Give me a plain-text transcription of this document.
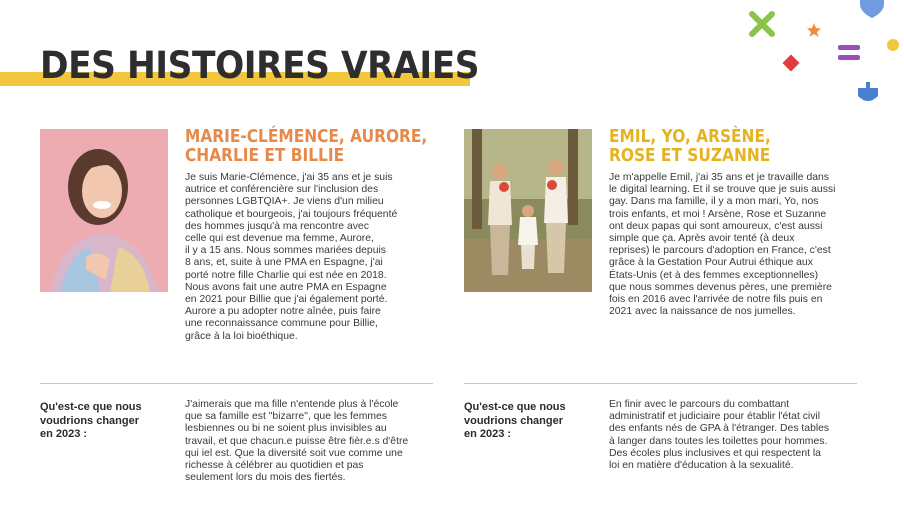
DES HISTOIRES VRAIES
MARIE-CLÉMENCE, AURORE,
CHARLIE ET BILLIE
Je suis Marie-Clémence, j'ai 35 ans et je suis
autrice et conférencière sur l'inclusion des
personnes LGBTQIA+. Je viens d'un milieu
catholique et bourgeois, j'ai toujours fréquenté
des hommes jusqu'à ma rencontre avec
celle qui est devenue ma femme, Aurore,
il y a 15 ans. Nous sommes mariées depuis
8 ans, et, suite à une PMA en Espagne, j'ai
porté notre fille Charlie qui est née en 2018.
Nous avons fait une autre PMA en Espagne
en 2021 pour Billie que j'ai également porté.
Aurore a pu adopter notre aînée, puis faire
une reconnaissance commune pour Billie,
grâce à la loi bioéthique.
EMIL, YO, ARSÈNE,
ROSE ET SUZANNE
Je m'appelle Emil, j'ai 35 ans et je travaille dans
le digital learning. Et il se trouve que je suis aussi
gay. Dans ma famille, il y a mon mari, Yo, nos
trois enfants, et moi ! Arsène, Rose et Suzanne
ont deux papas qui sont amoureux, c'est aussi
simple que ça. Après avoir tenté (à deux
reprises) le parcours d'adoption en France, c'est
grâce à la Gestation Pour Autrui éthique aux
États-Unis (et à des femmes exceptionnelles)
que nous sommes devenus pères, une première
fois en 2016 avec l'arrivée de notre fils puis en
2021 avec la naissance de nos jumelles.
Qu'est-ce que nous
voudrions changer
en 2023 :
J'aimerais que ma fille n'entende plus à l'école
que sa famille est "bizarre", que les femmes
lesbiennes ou bi ne soient plus invisibles au
travail, et que chacun.e puisse être fièr.e.s d'être
qui iel est. Que la diversité soit vue comme une
richesse à célébrer au quotidien et pas
seulement lors du mois des fiertés.
Qu'est-ce que nous
voudrions changer
en 2023 :
En finir avec le parcours du combattant
administratif et judiciaire pour établir l'état civil
des enfants nés de GPA à l'étranger. Des tables
à langer dans toutes les toilettes pour hommes.
Des écoles plus inclusives et qui respectent la
loi en matière d'éducation à la sexualité.
